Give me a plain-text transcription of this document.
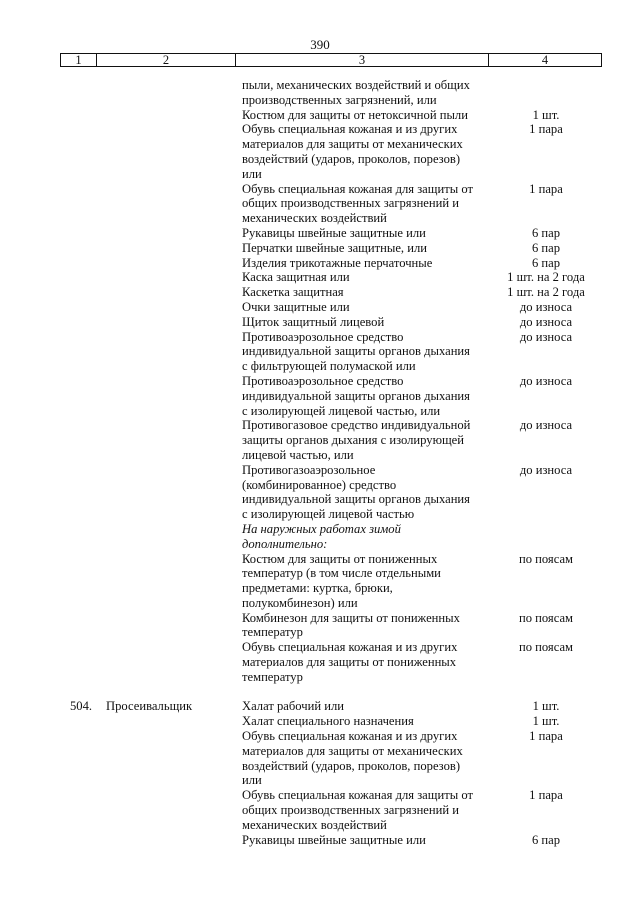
390
1	2	3	4
пыли, механических воздействий и общих
производственных загрязнений, или
Костюм для защиты от нетоксичной пыли	1 шт.
Обувь специальная кожаная и из других	1 пара
материалов для защиты от механических
воздействий (ударов, проколов, порезов)
или
Обувь специальная кожаная для защиты от	1 пара
общих производственных загрязнений и
механических воздействий
Рукавицы швейные защитные или	6 пар
Перчатки швейные защитные, или	6 пар
Изделия трикотажные перчаточные	6 пар
Каска защитная или	1 шт. на 2 года
Каскетка защитная	1 шт. на 2 года
Очки защитные или	до износа
Щиток защитный лицевой	до износа
Противоаэрозольное средство	до износа
индивидуальной защиты органов дыхания
с фильтрующей полумаской или
Противоаэрозольное средство	до износа
индивидуальной защиты органов дыхания
с изолирующей лицевой частью, или
Противогазовое средство индивидуальной	до износа
защиты органов дыхания с изолирующей
лицевой частью, или
Противогазоаэрозольное	до износа
(комбинированное) средство
индивидуальной защиты органов дыхания
с изолирующей лицевой частью
На наружных работах зимой
дополнительно:
Костюм для защиты от пониженных	по поясам
температур (в том числе отдельными
предметами: куртка, брюки,
полукомбинезон) или
Комбинезон для защиты от пониженных	по поясам
температур
Обувь специальная кожаная и из других	по поясам
материалов для защиты от пониженных
температур
504. Просеивальщик	Халат рабочий или	1 шт.
Халат специального назначения	1 шт.
Обувь специальная кожаная и из других	1 пара
материалов для защиты от механических
воздействий (ударов, проколов, порезов)
или
Обувь специальная кожаная для защиты от	1 пара
общих производственных загрязнений и
механических воздействий
Рукавицы швейные защитные или	6 пар
